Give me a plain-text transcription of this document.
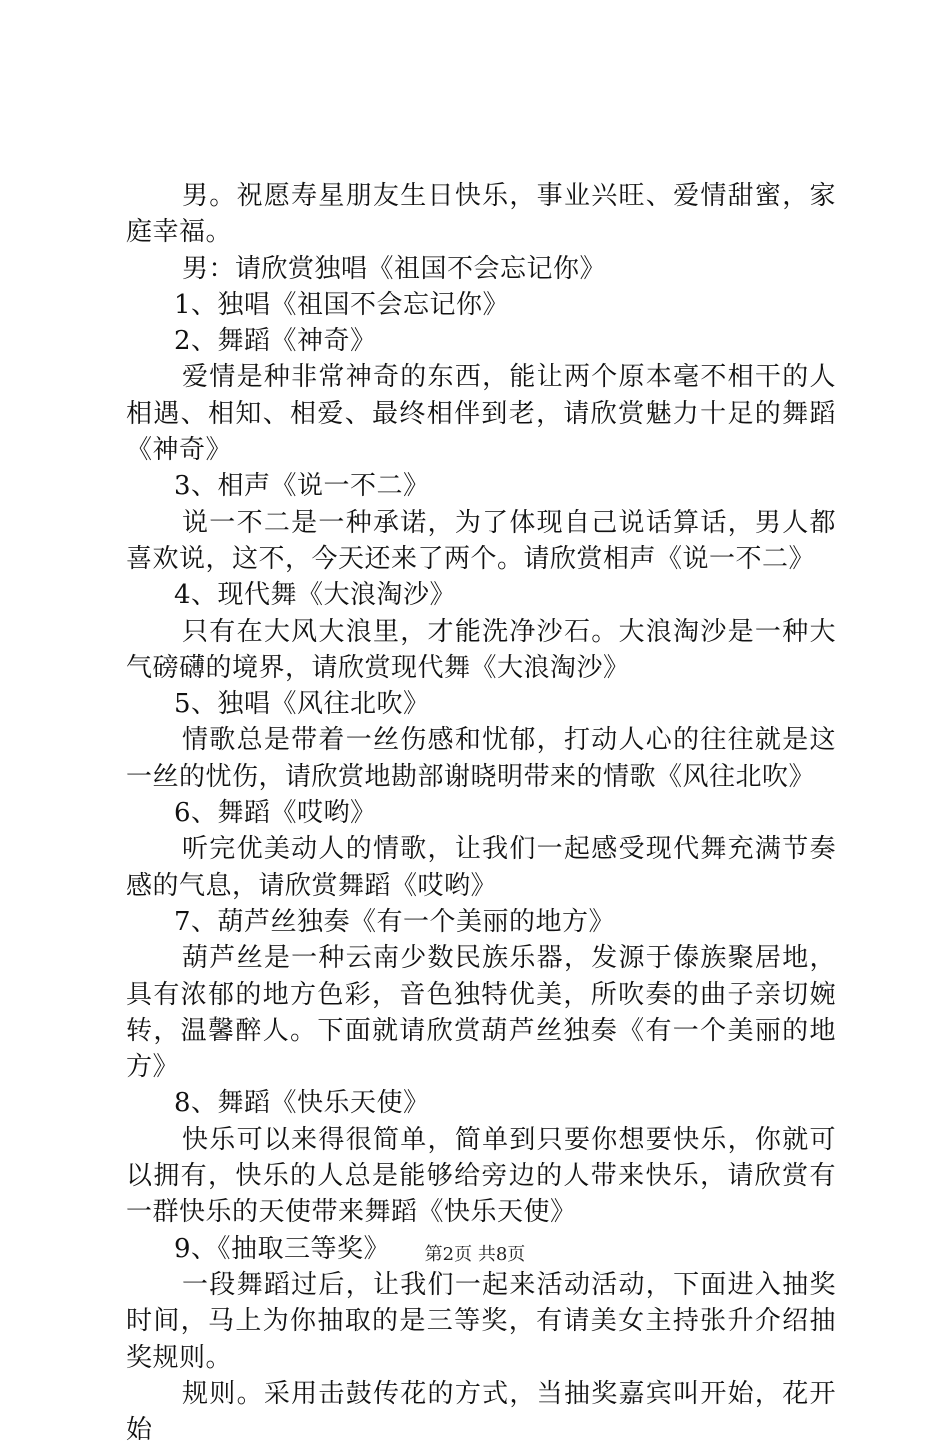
男。祝愿寿星朋友生日快乐，事业兴旺、爱情甜蜜，家庭幸福。

男：请欣赏独唱《祖国不会忘记你》

1、独唱《祖国不会忘记你》

2、舞蹈《神奇》

爱情是种非常神奇的东西，能让两个原本毫不相干的人相遇、相知、相爱、最终相伴到老，请欣赏魅力十足的舞蹈《神奇》

3、相声《说一不二》

说一不二是一种承诺，为了体现自己说话算话，男人都喜欢说，这不，今天还来了两个。请欣赏相声《说一不二》

4、现代舞《大浪淘沙》

只有在大风大浪里，才能洗净沙石。大浪淘沙是一种大气磅礴的境界，请欣赏现代舞《大浪淘沙》

5、独唱《风往北吹》

情歌总是带着一丝伤感和忧郁，打动人心的往往就是这一丝的忧伤，请欣赏地勘部谢晓明带来的情歌《风往北吹》

6、舞蹈《哎哟》

听完优美动人的情歌，让我们一起感受现代舞充满节奏感的气息，请欣赏舞蹈《哎哟》

7、葫芦丝独奏《有一个美丽的地方》

葫芦丝是一种云南少数民族乐器，发源于傣族聚居地，具有浓郁的地方色彩，音色独特优美，所吹奏的曲子亲切婉转，温馨醉人。下面就请欣赏葫芦丝独奏《有一个美丽的地方》

8、舞蹈《快乐天使》

快乐可以来得很简单，简单到只要你想要快乐，你就可以拥有，快乐的人总是能够给旁边的人带来快乐，请欣赏有一群快乐的天使带来舞蹈《快乐天使》

9、《抽取三等奖》

一段舞蹈过后，让我们一起来活动活动，下面进入抽奖时间，马上为你抽取的是三等奖，有请美女主持张升介绍抽奖规则。

规则。采用击鼓传花的方式，当抽奖嘉宾叫开始，花开始

第2页 共8页
